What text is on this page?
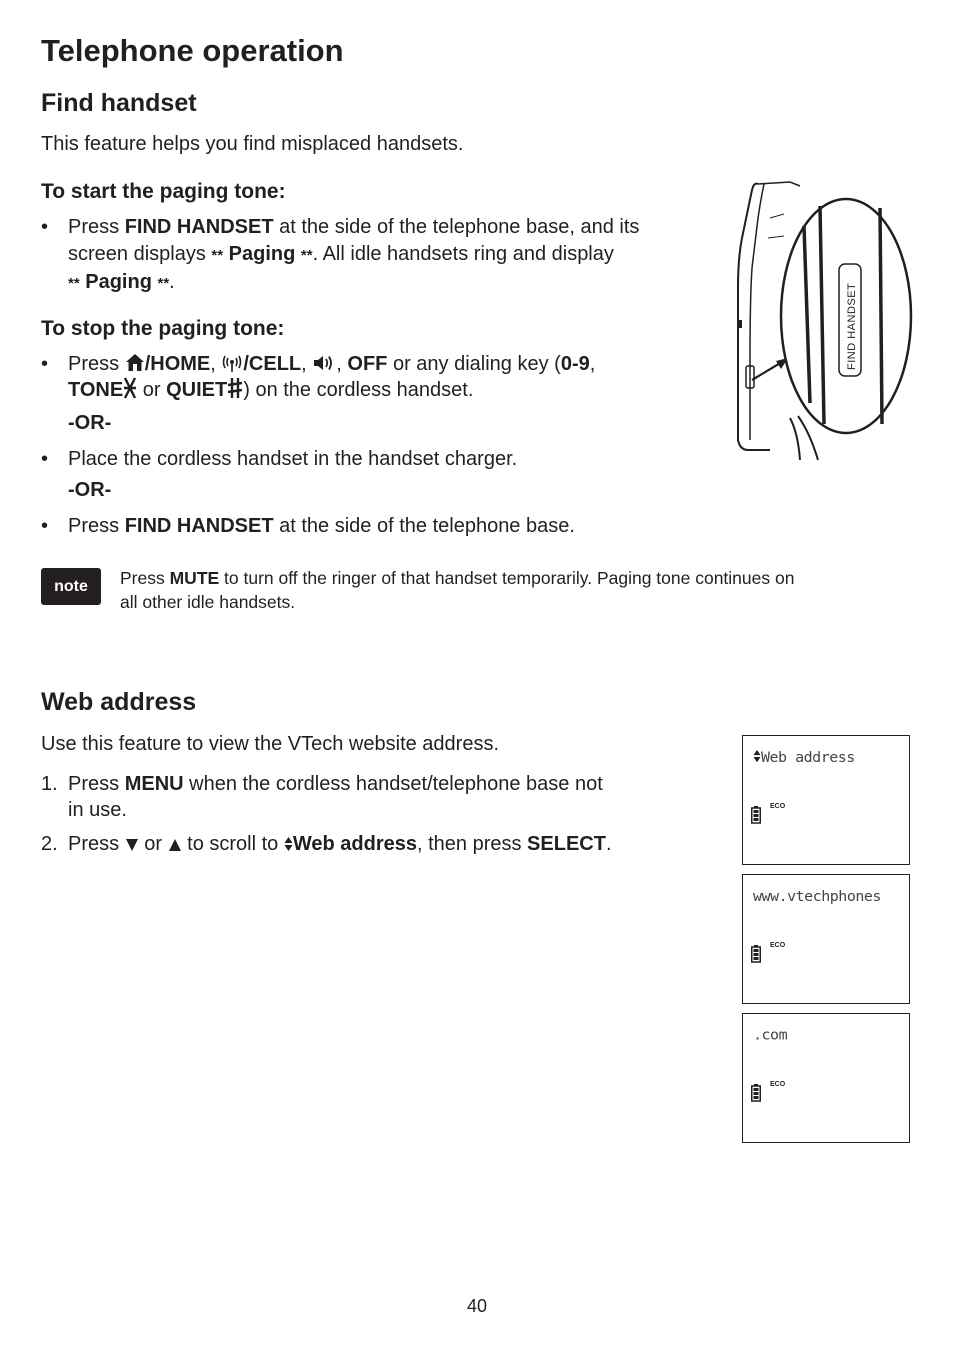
Telephone operation
Find handset

This feature helps you find misplaced handsets.

To start the paging tone:
• Press FIND HANDSET at the side of the telephone base, and its
screen displays ** Paging **. All idle handsets ring and display
** Paging **.
To stop the paging tone:
• Press /HOME, /CELL, , OFF or any dialing key (0-9,
TONE or QUIET ) on the cordless handset.
-OR-
• Place the cordless handset in the handset charger.
-OR-
• Press FIND HANDSET at the side of the telephone base.
FIND HANDSET
note	Press MUTE to turn off the ringer of that handset temporarily. Paging tone continues on
all other idle handsets.
Web address

Use this feature to view the VTech website address.

1. Press MENU when the cordless handset/telephone base not
in use.
2. Press  or  to scroll to Web address, then press SELECT.
Web address
ECO
www.vtechphones
ECO
.com
ECO
40
